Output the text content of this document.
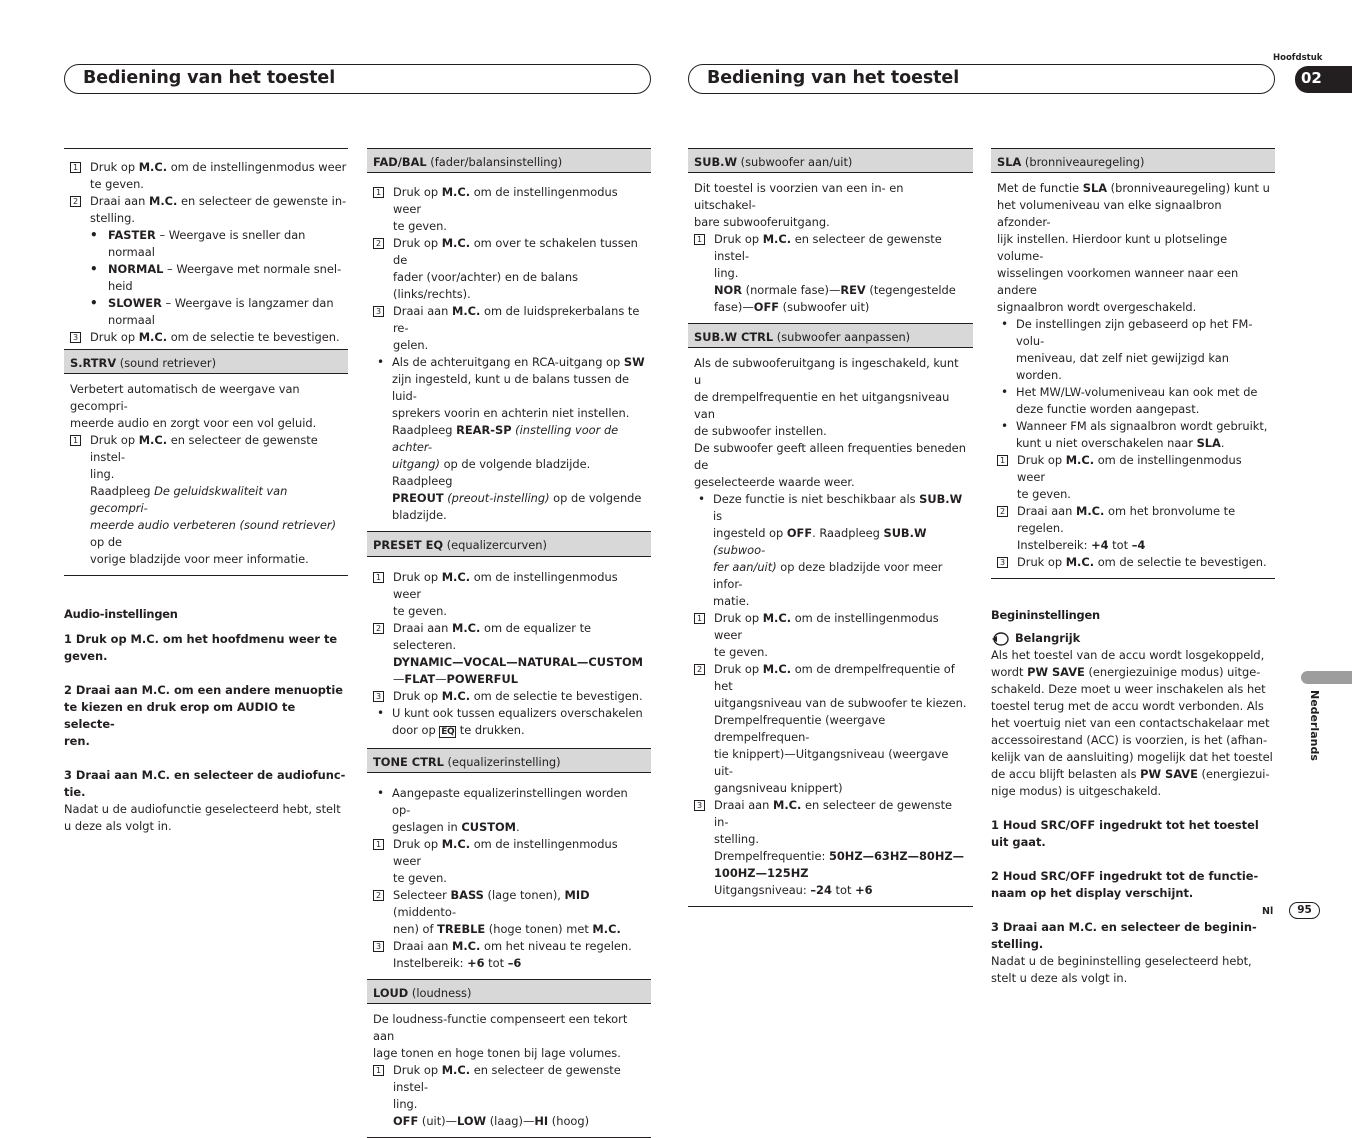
Bediening van het toestel	Bediening van het toestel
Hoofdstuk
02
Nederlands
Nl	95
1 Druk op M.C. om de instellingenmodus weer
te geven.
2 Draai aan M.C. en selecteer de gewenste in-
stelling.
• FASTER – Weergave is sneller dan normaal
• NORMAL – Weergave met normale snel-
heid
• SLOWER – Weergave is langzamer dan
normaal
3 Druk op M.C. om de selectie te bevestigen.
S.RTRV (sound retriever)
Verbetert automatisch de weergave van gecompri-
meerde audio en zorgt voor een vol geluid.
1 Druk op M.C. en selecteer de gewenste instel-
ling.
Raadpleeg De geluidskwaliteit van gecompri-
meerde audio verbeteren (sound retriever) op de
vorige bladzijde voor meer informatie.
Audio-instellingen
1 Druk op M.C. om het hoofdmenu weer te
geven.
2 Draai aan M.C. om een andere menuoptie
te kiezen en druk erop om AUDIO te selecte-
ren.
3 Draai aan M.C. en selecteer de audiofunc-
tie.
Nadat u de audiofunctie geselecteerd hebt, stelt
u deze als volgt in.
FAD/BAL (fader/balansinstelling)
1 Druk op M.C. om de instellingenmodus weer
te geven.
2 Druk op M.C. om over te schakelen tussen de
fader (voor/achter) en de balans (links/rechts).
3 Draai aan M.C. om de luidsprekerbalans te re-
gelen.
• Als de achteruitgang en RCA-uitgang op SW
zijn ingesteld, kunt u de balans tussen de luid-
sprekers voorin en achterin niet instellen.
Raadpleeg REAR-SP (instelling voor de achter-
uitgang) op de volgende bladzijde. Raadpleeg
PREOUT (preout-instelling) op de volgende
bladzijde.
PRESET EQ (equalizercurven)
1 Druk op M.C. om de instellingenmodus weer
te geven.
2 Draai aan M.C. om de equalizer te selecteren.
DYNAMIC—VOCAL—NATURAL—CUSTOM
—FLAT—POWERFUL
3 Druk op M.C. om de selectie te bevestigen.
• U kunt ook tussen equalizers overschakelen
door op EQ te drukken.
TONE CTRL (equalizerinstelling)
• Aangepaste equalizerinstellingen worden op-
geslagen in CUSTOM.
1 Druk op M.C. om de instellingenmodus weer
te geven.
2 Selecteer BASS (lage tonen), MID (middento-
nen) of TREBLE (hoge tonen) met M.C.
3 Draai aan M.C. om het niveau te regelen.
Instelbereik: +6 tot –6
LOUD (loudness)
De loudness-functie compenseert een tekort aan
lage tonen en hoge tonen bij lage volumes.
1 Druk op M.C. en selecteer de gewenste instel-
ling.
OFF (uit)—LOW (laag)—HI (hoog)
SUB.W (subwoofer aan/uit)
Dit toestel is voorzien van een in- en uitschakel-
bare subwooferuitgang.
1 Druk op M.C. en selecteer de gewenste instel-
ling.
NOR (normale fase)—REV (tegengestelde
fase)—OFF (subwoofer uit)
SUB.W CTRL (subwoofer aanpassen)
Als de subwooferuitgang is ingeschakeld, kunt u
de drempelfrequentie en het uitgangsniveau van
de subwoofer instellen.
De subwoofer geeft alleen frequenties beneden de
geselecteerde waarde weer.
• Deze functie is niet beschikbaar als SUB.W is
ingesteld op OFF. Raadpleeg SUB.W (subwoo-
fer aan/uit) op deze bladzijde voor meer infor-
matie.
1 Druk op M.C. om de instellingenmodus weer
te geven.
2 Druk op M.C. om de drempelfrequentie of het
uitgangsniveau van de subwoofer te kiezen.
Drempelfrequentie (weergave drempelfrequen-
tie knippert)—Uitgangsniveau (weergave uit-
gangsniveau knippert)
3 Draai aan M.C. en selecteer de gewenste in-
stelling.
Drempelfrequentie: 50HZ—63HZ—80HZ—
100HZ—125HZ
Uitgangsniveau: –24 tot +6
SLA (bronniveauregeling)
Met de functie SLA (bronniveauregeling) kunt u
het volumeniveau van elke signaalbron afzonder-
lijk instellen. Hierdoor kunt u plotselinge volume-
wisselingen voorkomen wanneer naar een andere
signaalbron wordt overgeschakeld.
• De instellingen zijn gebaseerd op het FM-volu-
meniveau, dat zelf niet gewijzigd kan worden.
• Het MW/LW-volumeniveau kan ook met de
deze functie worden aangepast.
• Wanneer FM als signaalbron wordt gebruikt,
kunt u niet overschakelen naar SLA.
1 Druk op M.C. om de instellingenmodus weer
te geven.
2 Draai aan M.C. om het bronvolume te regelen.
Instelbereik: +4 tot –4
3 Druk op M.C. om de selectie te bevestigen.
Begininstellingen
Belangrijk
Als het toestel van de accu wordt losgekoppeld,
wordt PW SAVE (energiezuinige modus) uitge-
schakeld. Deze moet u weer inschakelen als het
toestel terug met de accu wordt verbonden. Als
het voertuig niet van een contactschakelaar met
accessoirestand (ACC) is voorzien, is het (afhan-
kelijk van de aansluiting) mogelijk dat het toestel
de accu blijft belasten als PW SAVE (energiezui-
nige modus) is uitgeschakeld.
1 Houd SRC/OFF ingedrukt tot het toestel
uit gaat.
2 Houd SRC/OFF ingedrukt tot de functie-
naam op het display verschijnt.
3 Draai aan M.C. en selecteer de beginin-
stelling.
Nadat u de begininstelling geselecteerd hebt,
stelt u deze als volgt in.
